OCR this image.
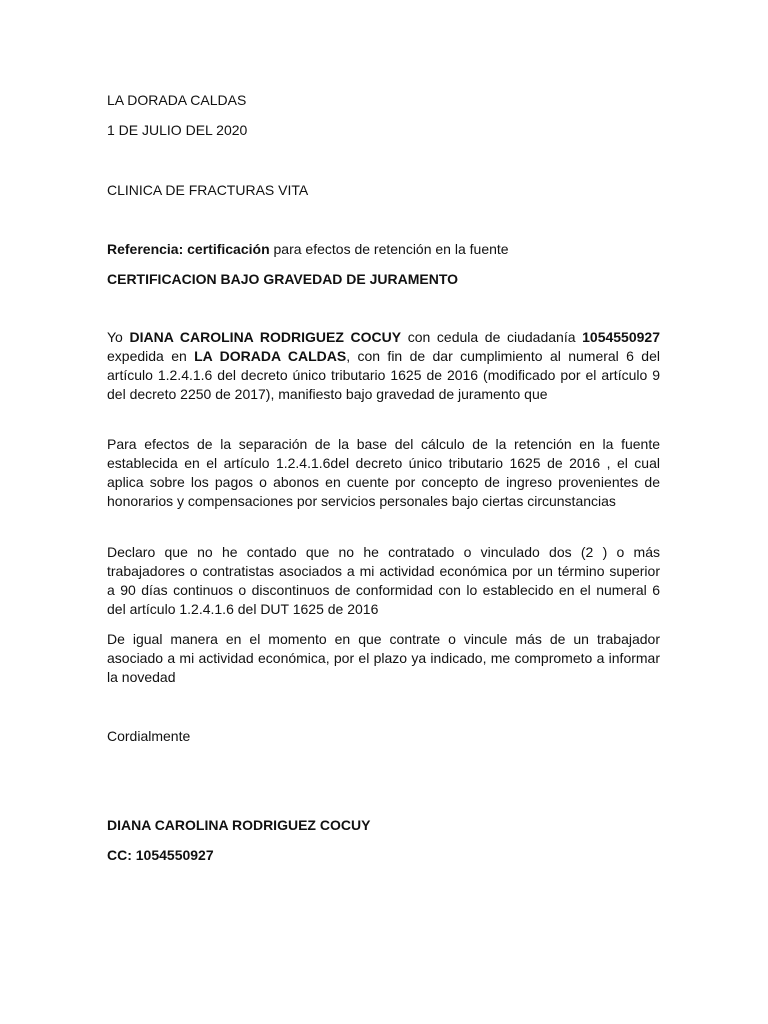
LA DORADA CALDAS
1 DE JULIO DEL 2020
CLINICA DE FRACTURAS VITA
Referencia: certificación para efectos de retención en la fuente
CERTIFICACION BAJO GRAVEDAD DE JURAMENTO
Yo DIANA CAROLINA RODRIGUEZ COCUY con cedula de ciudadanía 1054550927 expedida en LA DORADA CALDAS, con fin de dar cumplimiento al numeral 6 del artículo 1.2.4.1.6 del decreto único tributario 1625 de 2016 (modificado por el artículo 9 del decreto 2250 de 2017), manifiesto bajo gravedad de juramento que
Para efectos de la separación de la base del cálculo de la retención en la fuente establecida en el artículo 1.2.4.1.6del decreto único tributario 1625 de 2016 , el cual aplica sobre los pagos o abonos en cuente por concepto de ingreso provenientes de honorarios y compensaciones por servicios personales bajo ciertas circunstancias
Declaro que no he contado que no he contratado o vinculado dos (2 ) o más trabajadores o contratistas asociados a mi actividad económica por un término superior a 90 días continuos o discontinuos de conformidad con lo establecido en el numeral 6 del artículo 1.2.4.1.6 del DUT 1625 de 2016
De igual manera en el momento en que contrate o vincule más de un trabajador asociado a mi actividad económica, por el plazo ya indicado, me comprometo a informar la novedad
Cordialmente
DIANA CAROLINA RODRIGUEZ COCUY
CC: 1054550927
